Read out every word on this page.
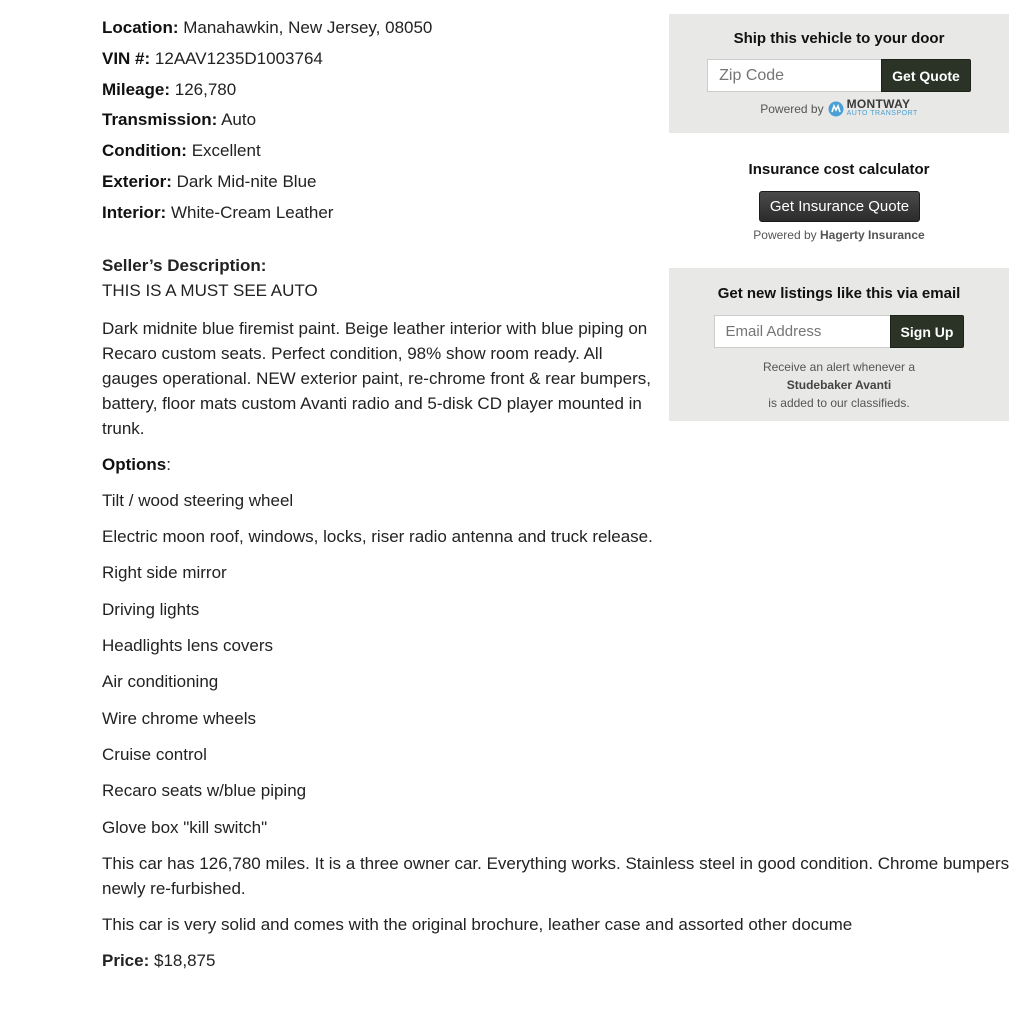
Location: Manahawkin, New Jersey, 08050
VIN #: 12AAV1235D1003764
Mileage: 126,780
Transmission: Auto
Condition: Excellent
Exterior: Dark Mid-nite Blue
Interior: White-Cream Leather
Seller’s Description:
THIS IS A MUST SEE AUTO
Dark midnite blue firemist paint. Beige leather interior with blue piping on Recaro custom seats. Perfect condition, 98% show room ready. All gauges operational. NEW exterior paint, re-chrome front & rear bumpers, battery, floor mats custom Avanti radio and 5-disk CD player mounted in trunk.
Options:
Tilt / wood steering wheel
Electric moon roof, windows, locks, riser radio antenna and truck release.
Right side mirror
Driving lights
Headlights lens covers
Air conditioning
Wire chrome wheels
Cruise control
Recaro seats w/blue piping
Glove box "kill switch"
This car has 126,780 miles. It is a three owner car. Everything works. Stainless steel in good condition. Chrome bumpers newly re-furbished.
This car is very solid and comes with the original brochure, leather case and assorted other docume
Price: $18,875
Ship this vehicle to your door
Zip Code
Get Quote
Powered by MONTWAY
AUTO TRANSPORT
Insurance cost calculator
Get Insurance Quote
Powered by Hagerty Insurance
Get new listings like this via email
Email Address
Sign Up
Receive an alert whenever a
Studebaker Avanti
is added to our classifieds.
